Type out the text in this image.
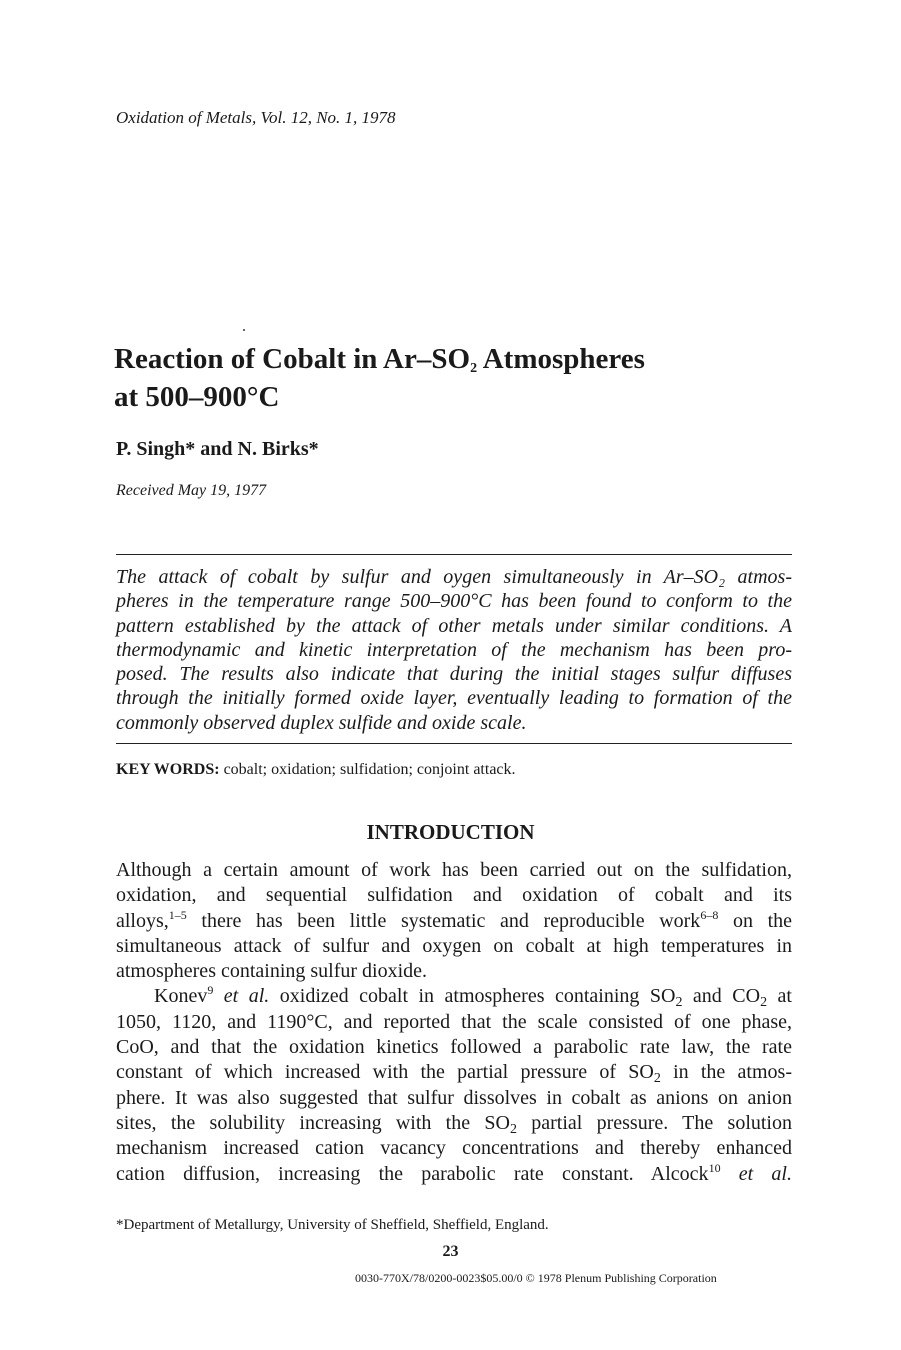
Oxidation of Metals, Vol. 12, No. 1, 1978
Reaction of Cobalt in $Ar-SO_2$ Atmospheres
at 500–900°C
P. Singh* and N. Birks*
Received May 19, 1977
The attack of cobalt by sulfur and oygen simultaneously in Ar–SO₂ atmos-
pheres in the temperature range 500–900°C has been found to conform to the
pattern established by the attack of other metals under similar conditions. A
thermodynamic and kinetic interpretation of the mechanism has been pro-
posed. The results also indicate that during the initial stages sulfur diffuses
through the initially formed oxide layer, eventually leading to formation of the
commonly observed duplex sulfide and oxide scale.
KEY WORDS: cobalt; oxidation; sulfidation; conjoint attack.
INTRODUCTION
Although a certain amount of work has been carried out on the sulfidation,
oxidation, and sequential sulfidation and oxidation of cobalt and its
alloys,$^{1-5}$ there has been little systematic and reproducible work$^{6-8}$ on the
simultaneous attack of sulfur and oxygen on cobalt at high temperatures in
atmospheres containing sulfur dioxide.
Konev$^9$ et al. oxidized cobalt in atmospheres containing $SO_2$ and $CO_2$ at
1050, 1120, and 1190°C, and reported that the scale consisted of one phase,
CoO, and that the oxidation kinetics followed a parabolic rate law, the rate
constant of which increased with the partial pressure of $SO_2$ in the atmos-
phere. It was also suggested that sulfur dissolves in cobalt as anions on anion
sites, the solubility increasing with the $SO_2$ partial pressure. The solution
mechanism increased cation vacancy concentrations and thereby enhanced
cation diffusion, increasing the parabolic rate constant. Alcock$^{10}$ et al.
*Department of Metallurgy, University of Sheffield, Sheffield, England.
23
0030-770X/78/0200-0023$05.00/0 © 1978 Plenum Publishing Corporation
